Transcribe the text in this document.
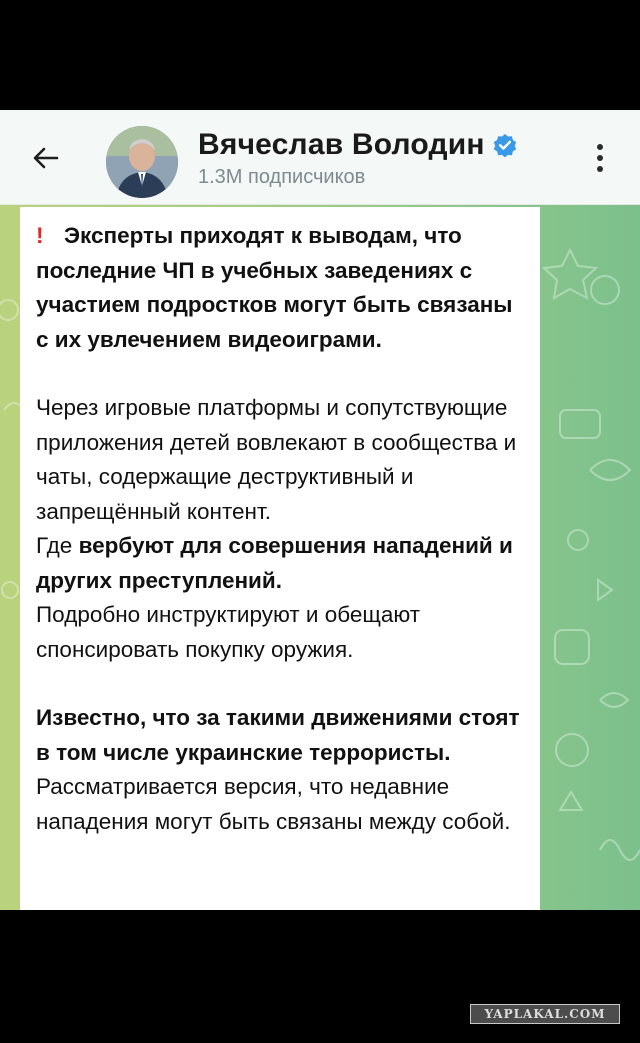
Вячеслав Володин
1.3M подписчиков

! Эксперты приходят к выводам, что последние ЧП в учебных заведениях с участием подростков могут быть связаны с их увлечением видеоиграми.

Через игровые платформы и сопутствующие приложения детей вовлекают в сообщества и чаты, содержащие деструктивный и запрещённый контент.

Где вербуют для совершения нападений и других преступлений.

Подробно инструктируют и обещают спонсировать покупку оружия.

Известно, что за такими движениями стоят в том числе украинские террористы.

Рассматривается версия, что недавние нападения могут быть связаны между собой.

YAPLAKAL.COM
